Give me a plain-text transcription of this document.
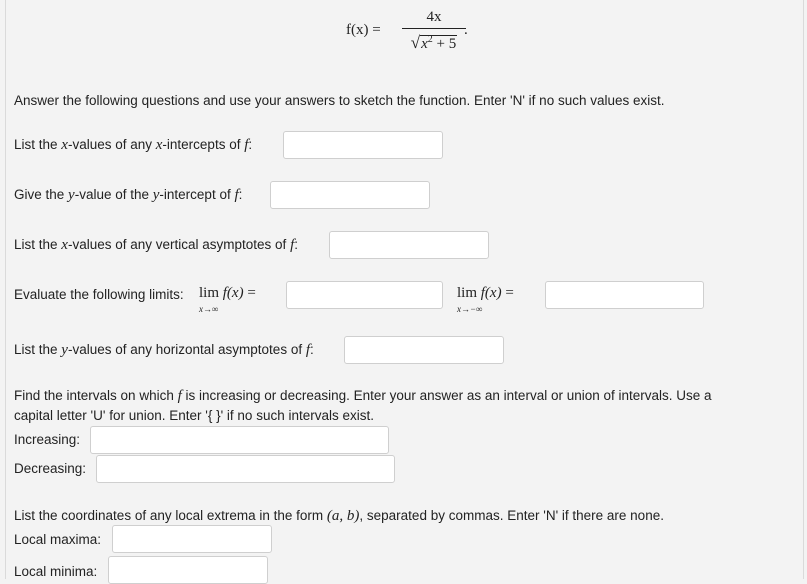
f(x) =
4x
$√x^2 + 5$
.
Answer the following questions and use your answers to sketch the function. Enter 'N' if no such values exist.
List the x-values of any x-intercepts of f:
Give the y-value of the y-intercept of f:
List the x-values of any vertical asymptotes of f:
Evaluate the following limits: lim f(x) =
x→∞
lim f(x) =
x→−∞
List the y-values of any horizontal asymptotes of f:
Find the intervals on which f is increasing or decreasing. Enter your answer as an interval or union of intervals. Use a
capital letter 'U' for union. Enter '{ }' if no such intervals exist.
Increasing:
Decreasing:
List the coordinates of any local extrema in the form (a, b), separated by commas. Enter 'N' if there are none.
Local maxima:
Local minima:
